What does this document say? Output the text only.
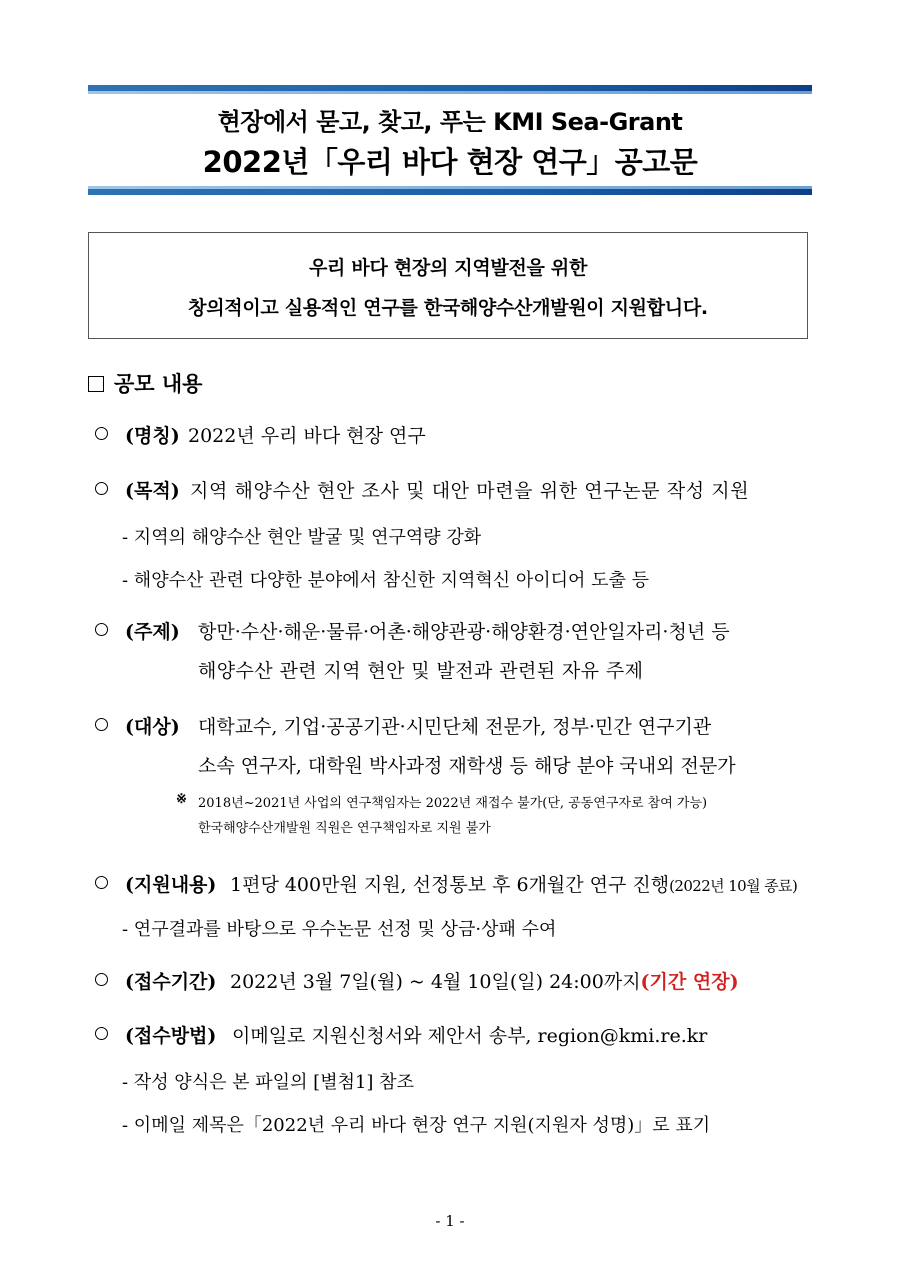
현장에서 묻고, 찾고, 푸는 KMI Sea-Grant
2022년「우리 바다 현장 연구」공고문
우리 바다 현장의 지역발전을 위한
창의적이고 실용적인 연구를 한국해양수산개발원이 지원합니다.
공모 내용
(명칭) 2022년 우리 바다 현장 연구
(목적) 지역 해양수산 현안 조사 및 대안 마련을 위한 연구논문 작성 지원
- 지역의 해양수산 현안 발굴 및 연구역량 강화
- 해양수산 관련 다양한 분야에서 참신한 지역혁신 아이디어 도출 등
(주제) 항만·수산·해운·물류·어촌·해양관광·해양환경·연안일자리·청년 등
해양수산 관련 지역 현안 및 발전과 관련된 자유 주제
(대상) 대학교수, 기업·공공기관·시민단체 전문가, 정부·민간 연구기관
소속 연구자, 대학원 박사과정 재학생 등 해당 분야 국내외 전문가
※ 2018년~2021년 사업의 연구책임자는 2022년 재접수 불가(단, 공동연구자로 참여 가능)
한국해양수산개발원 직원은 연구책임자로 지원 불가
(지원내용) 1편당 400만원 지원, 선정통보 후 6개월간 연구 진행(2022년 10월 종료)
- 연구결과를 바탕으로 우수논문 선정 및 상금·상패 수여
(접수기간) 2022년 3월 7일(월) ~ 4월 10일(일) 24:00까지(기간 연장)
(접수방법) 이메일로 지원신청서와 제안서 송부, region@kmi.re.kr
- 작성 양식은 본 파일의 [별첨1] 참조
- 이메일 제목은「2022년 우리 바다 현장 연구 지원(지원자 성명)」로 표기
- 1 -
